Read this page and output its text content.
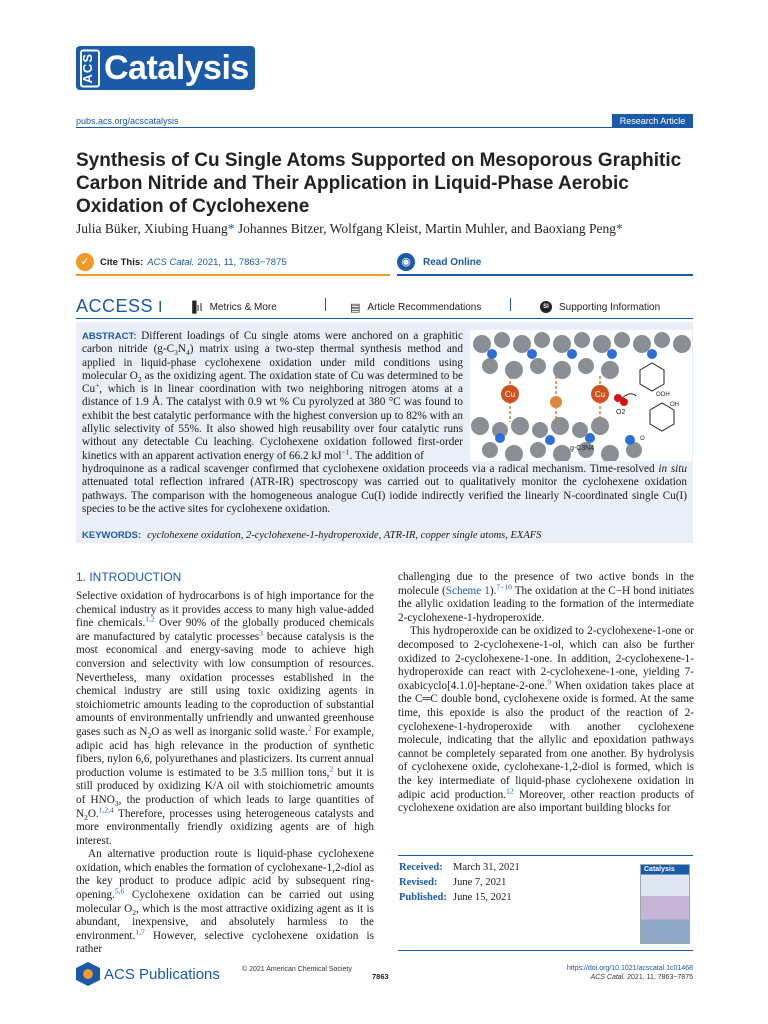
ACS Catalysis
pubs.acs.org/acscatalysis	Research Article
Synthesis of Cu Single Atoms Supported on Mesoporous Graphitic Carbon Nitride and Their Application in Liquid-Phase Aerobic Oxidation of Cyclohexene
Julia Büker, Xiubing Huang* Johannes Bitzer, Wolfgang Kleist, Martin Muhler, and Baoxiang Peng*
✓	Cite This: ACS Catal. 2021, 11, 7863−7875	◉	Read Online
ACCESS I ▐ıl Metrics & More	▤ Article Recommendations	SI	Supporting Information
ABSTRACT: Different loadings of Cu single atoms were anchored on a graphitic carbon nitride $(g-C_3N_4)$ matrix using a two-step thermal synthesis method and applied in liquid-phase cyclohexene oxidation under mild conditions using molecular $O_2$ as the oxidizing agent. The oxidation state of Cu was determined to be Cu+, which is in linear coordination with two neighboring nitrogen atoms at a distance of 1.9 Å. The catalyst with 0.9 wt % Cu pyrolyzed at 380 °C was found to exhibit the best catalytic performance with the highest conversion up to 82% with an allylic selectivity of 55%. It also showed high reusability over four catalytic runs without any detectable Cu leaching. Cyclohexene oxidation followed first-order kinetics with an apparent activation energy of 66.2 kJ mol$^{-1}$. The addition of
Cu	Cu
O2
OOH
OH
O
g-C3N4
hydroquinone as a radical scavenger confirmed that cyclohexene oxidation proceeds via a radical mechanism. Time-resolved in situ attenuated total reflection infrared (ATR-IR) spectroscopy was carried out to qualitatively monitor the cyclohexene oxidation pathways. The comparison with the homogeneous analogue Cu(I) iodide indirectly verified the linearly N-coordinated single Cu(I) species to be the active sites for cyclohexene oxidation.
KEYWORDS: cyclohexene oxidation, 2-cyclohexene-1-hydroperoxide, ATR-IR, copper single atoms, EXAFS
1. INTRODUCTION

Selective oxidation of hydrocarbons is of high importance for the chemical industry as it provides access to many high value-added fine chemicals.$^{1,2}$ Over 90% of the globally produced chemicals are manufactured by catalytic processes$^3$ because catalysis is the most economical and energy-saving mode to achieve high conversion and selectivity with low consumption of resources. Nevertheless, many oxidation processes established in the chemical industry are still using toxic oxidizing agents in stoichiometric amounts leading to the coproduction of substantial amounts of environmentally unfriendly and unwanted greenhouse gases such as $N_2O$ as well as inorganic solid waste.$^2$ For example, adipic acid has high relevance in the production of synthetic fibers, nylon 6,6, polyurethanes and plasticizers. Its current annual production volume is estimated to be 3.5 million tons,$^2$ but it is still produced by oxidizing K/A oil with stoichiometric amounts of $HNO_3$, the production of which leads to large quantities of $N_2O.^{1,2,4}$ Therefore, processes using heterogeneous catalysts and more environmentally friendly oxidizing agents are of high interest.

An alternative production route is liquid-phase cyclohexene oxidation, which enables the formation of cyclohexane-1,2-diol as the key product to produce adipic acid by subsequent ring-opening.$^{5,6}$ Cyclohexene oxidation can be carried out using molecular $O_2$, which is the most attractive oxidizing agent as it is abundant, inexpensive, and absolutely harmless to the environment.$^{1,7}$ However, selective cyclohexene oxidation is rather

challenging due to the presence of two active bonds in the molecule (Scheme 1).$^{7-10}$ The oxidation at the C−H bond initiates the allylic oxidation leading to the formation of the intermediate 2-cyclohexene-1-hydroperoxide.

This hydroperoxide can be oxidized to 2-cyclohexene-1-one or decomposed to 2-cyclohexene-1-ol, which can also be further oxidized to 2-cyclohexene-1-one. In addition, 2-cyclohexene-1-hydroperoxide can react with 2-cyclohexene-1-one, yielding 7-oxabicyclo[4.1.0]-heptane-2-one.$^9$ When oxidation takes place at the C═C double bond, cyclohexene oxide is formed. At the same time, this epoxide is also the product of the reaction of 2-cyclohexene-1-hydroperoxide with another cyclohexene molecule, indicating that the allylic and epoxidation pathways cannot be completely separated from one another. By hydrolysis of cyclohexene oxide, cyclohexane-1,2-diol is formed, which is the key intermediate of liquid-phase cyclohexene oxidation in adipic acid production.$^{12}$ Moreover, other reaction products of cyclohexene oxidation are also important building blocks for

Received: March 31, 2021
Revised: June 7, 2021
Published: June 15, 2021
Catalysis
ACS Publications	© 2021 American Chemical Society
7863
https://doi.org/10.1021/acscatal.1c01468
ACS Catal. 2021, 11, 7863−7875
